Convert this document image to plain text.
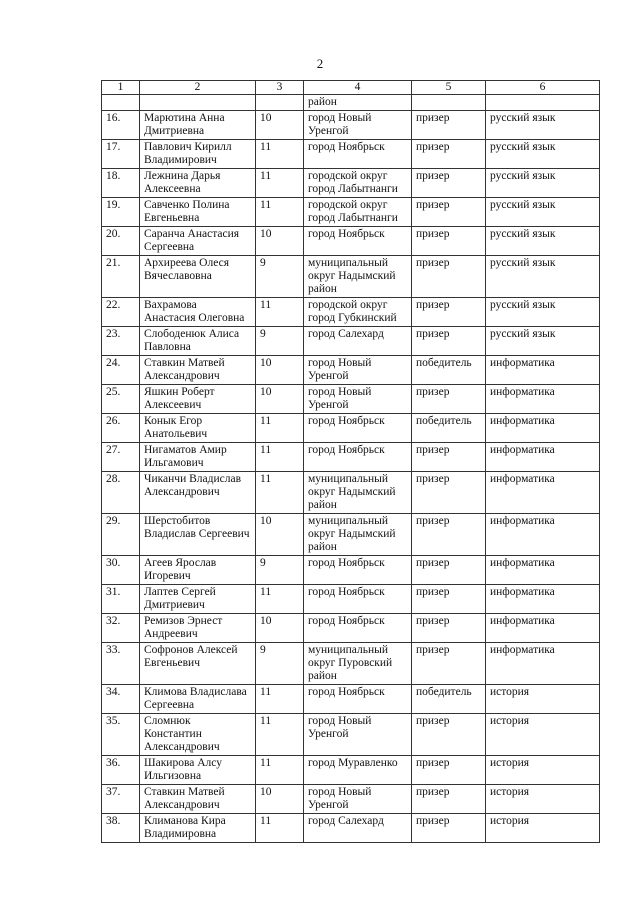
2
1	2	3	4	5	6
			район		
16.	Марютина Анна Дмитриевна	10	город Новый Уренгой	призер	русский язык
17.	Павлович Кирилл Владимирович	11	город Ноябрьск	призер	русский язык
18.	Лежнина Дарья Алексеевна	11	городской округ город Лабытнанги	призер	русский язык
19.	Савченко Полина Евгеньевна	11	городской округ город Лабытнанги	призер	русский язык
20.	Саранча Анастасия Сергеевна	10	город Ноябрьск	призер	русский язык
21.	Архиреева Олеся Вячеславовна	9	муниципальный округ Надымский район	призер	русский язык
22.	Вахрамова Анастасия Олеговна	11	городской округ город Губкинский	призер	русский язык
23.	Слободенюк Алиса Павловна	9	город Салехард	призер	русский язык
24.	Ставкин Матвей Александрович	10	город Новый Уренгой	победитель	информатика
25.	Яшкин Роберт Алексеевич	10	город Новый Уренгой	призер	информатика
26.	Конык Егор Анатольевич	11	город Ноябрьск	победитель	информатика
27.	Нигаматов Амир Ильгамович	11	город Ноябрьск	призер	информатика
28.	Чиканчи Владислав Александрович	11	муниципальный округ Надымский район	призер	информатика
29.	Шерстобитов Владислав Сергеевич	10	муниципальный округ Надымский район	призер	информатика
30.	Агеев Ярослав Игоревич	9	город Ноябрьск	призер	информатика
31.	Лаптев Сергей Дмитриевич	11	город Ноябрьск	призер	информатика
32.	Ремизов Эрнест Андреевич	10	город Ноябрьск	призер	информатика
33.	Софронов Алексей Евгеньевич	9	муниципальный округ Пуровский район	призер	информатика
34.	Климова Владислава Сергеевна	11	город Ноябрьск	победитель	история
35.	Сломнюк Константин Александрович	11	город Новый Уренгой	призер	история
36.	Шакирова Алсу Ильгизовна	11	город Муравленко	призер	история
37.	Ставкин Матвей Александрович	10	город Новый Уренгой	призер	история
38.	Климанова Кира Владимировна	11	город Салехард	призер	история
